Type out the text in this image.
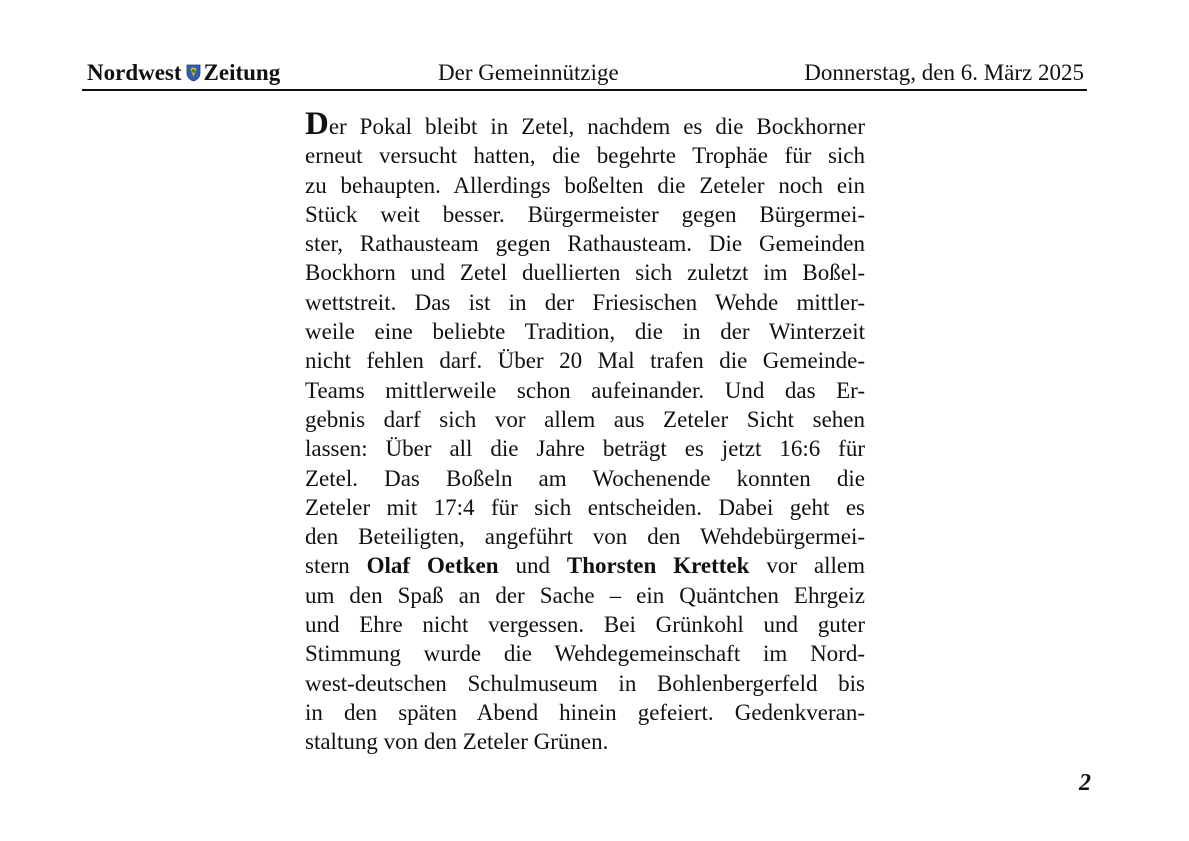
Nordwest Zeitung	Der Gemeinnützige	Donnerstag, den 6. März 2025
Der Pokal bleibt in Zetel, nachdem es die Bockhorner
erneut versucht hatten, die begehrte Trophäe für sich
zu behaupten. Allerdings boßelten die Zeteler noch ein
Stück weit besser. Bürgermeister gegen Bürgermei-
ster, Rathausteam gegen Rathausteam. Die Gemeinden
Bockhorn und Zetel duellierten sich zuletzt im Boßel-
wettstreit. Das ist in der Friesischen Wehde mittler-
weile eine beliebte Tradition, die in der Winterzeit
nicht fehlen darf. Über 20 Mal trafen die Gemeinde-
Teams mittlerweile schon aufeinander. Und das Er-
gebnis darf sich vor allem aus Zeteler Sicht sehen
lassen: Über all die Jahre beträgt es jetzt 16:6 für
Zetel. Das Boßeln am Wochenende konnten die
Zeteler mit 17:4 für sich entscheiden. Dabei geht es
den Beteiligten, angeführt von den Wehdebürgermei-
stern Olaf Oetken und Thorsten Krettek vor allem
um den Spaß an der Sache – ein Quäntchen Ehrgeiz
und Ehre nicht vergessen. Bei Grünkohl und guter
Stimmung wurde die Wehdegemeinschaft im Nord-
west-deutschen Schulmuseum in Bohlenbergerfeld bis
in den späten Abend hinein gefeiert. Gedenkveran-
staltung von den Zeteler Grünen.
2
